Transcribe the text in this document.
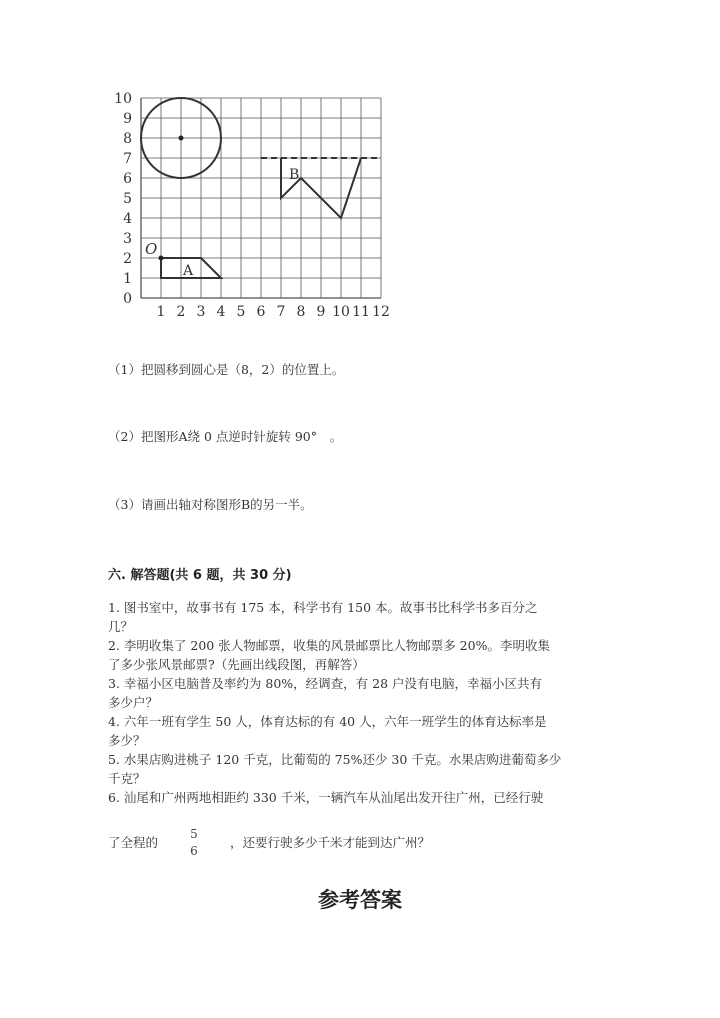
1 2 3 4 5 6 7 8 9 10 11 12
0
1
2
3
4
5
6
7
8
9
10
O
A
B
（1）把圆移到圆心是（8，2）的位置上。
（2）把图形A绕 0 点逆时针旋转 90°　。
（3）请画出轴对称图形B的另一半。
六. 解答题(共 6 题，共 30 分)
1. 图书室中，故事书有 175 本，科学书有 150 本。故事书比科学书多百分之
几？
2. 李明收集了 200 张人物邮票，收集的风景邮票比人物邮票多 20%。李明收集
了多少张风景邮票?（先画出线段图，再解答）
3. 幸福小区电脑普及率约为 80%，经调查，有 28 户没有电脑，幸福小区共有
多少户？
4. 六年一班有学生 50 人，体育达标的有 40 人，六年一班学生的体育达标率是
多少？
5. 水果店购进桃子 120 千克，比葡萄的 75%还少 30 千克。水果店购进葡萄多少
千克？
6. 汕尾和广州两地相距约 330 千米，一辆汽车从汕尾出发开往广州，已经行驶
了全程的
5
6
，还要行驶多少千米才能到达广州？
参考答案
